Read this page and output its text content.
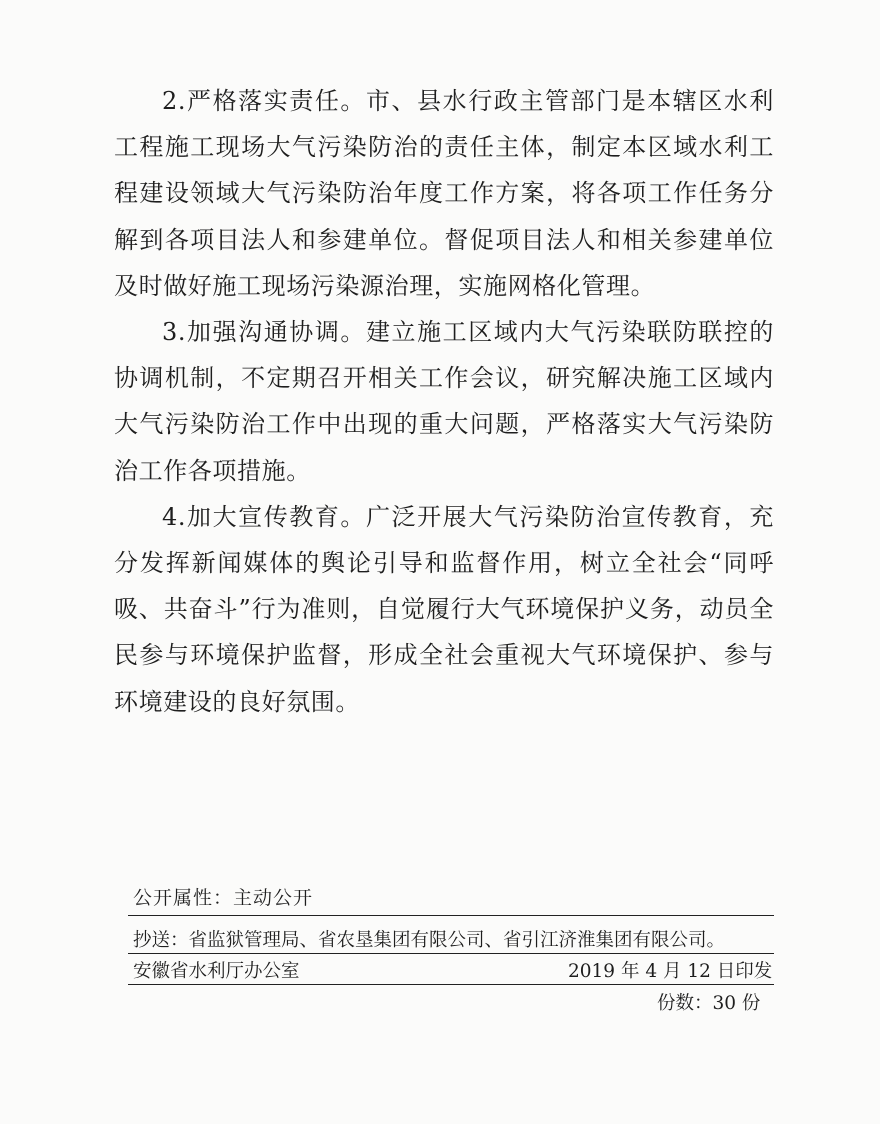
2.严格落实责任。市、县水行政主管部门是本辖区水利工程施工现场大气污染防治的责任主体，制定本区域水利工程建设领域大气污染防治年度工作方案，将各项工作任务分解到各项目法人和参建单位。督促项目法人和相关参建单位及时做好施工现场污染源治理，实施网格化管理。

3.加强沟通协调。建立施工区域内大气污染联防联控的协调机制，不定期召开相关工作会议，研究解决施工区域内大气污染防治工作中出现的重大问题，严格落实大气污染防治工作各项措施。

4.加大宣传教育。广泛开展大气污染防治宣传教育，充分发挥新闻媒体的舆论引导和监督作用，树立全社会“同呼吸、共奋斗”行为准则，自觉履行大气环境保护义务，动员全民参与环境保护监督，形成全社会重视大气环境保护、参与环境建设的良好氛围。

公开属性：主动公开
抄送：省监狱管理局、省农垦集团有限公司、省引江济淮集团有限公司。
安徽省水利厅办公室	2019 年 4 月 12 日印发
份数：30 份
